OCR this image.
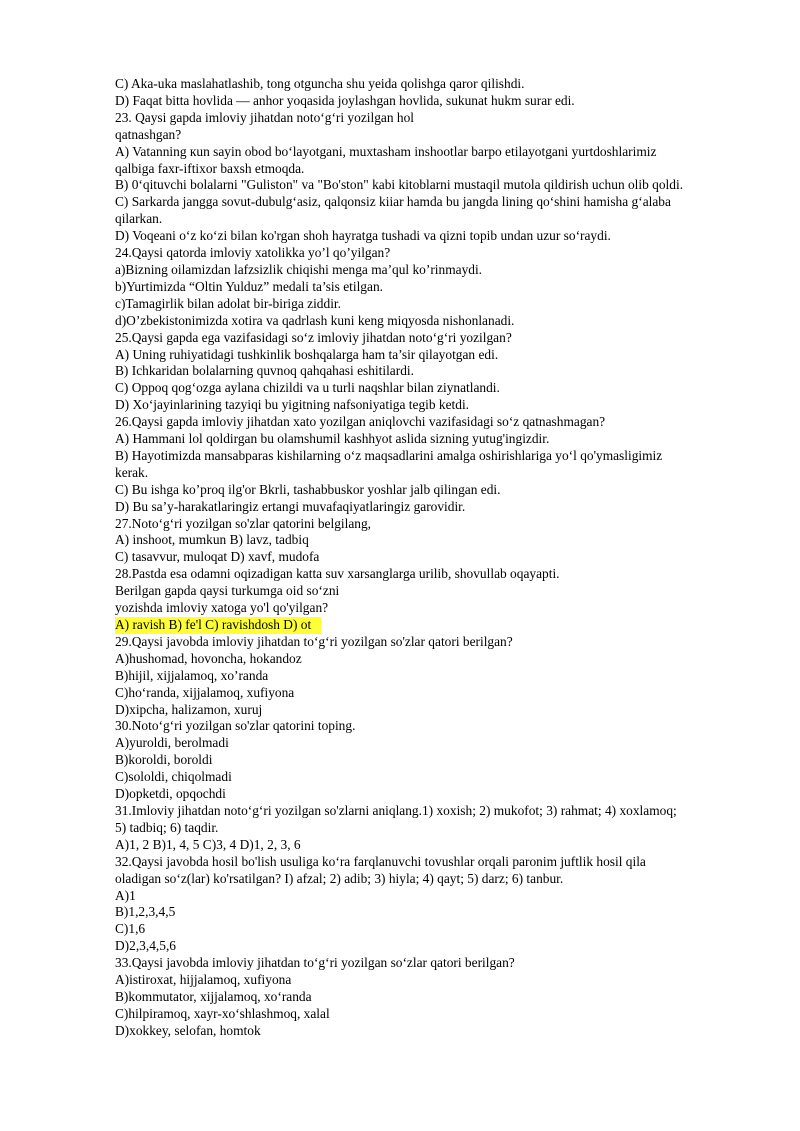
C) Aka-uka maslahatlashib, tong otguncha shu yeida qolishga qaror qilishdi.
D) Faqat bitta hovlida — anhor yoqasida joylashgan hovlida, sukunat hukm surar edi.
23. Qaysi gapda imloviy jihatdan noto‘g‘ri yozilgan hol
qatnashgan?
A) Vatanning кun sayin obod bo‘layotgani, muxtasham inshootlar barpo etilayotgani yurtdoshlarimiz
qalbiga faxr-iftixor baxsh etmoqda.
B) 0‘qituvchi bolalarni "Guliston" va "Bo'ston" kabi kitoblarni mustaqil mutola qildirish uchun olib qoldi.
C) Sarkarda jangga sovut-dubulg‘asiz, qalqonsiz kiiar hamda bu jangda lining qo‘shini hamisha g‘alaba
qilarkan.
D) Voqeani o‘z ko‘zi bilan ko'rgan shoh hayratga tushadi va qizni topib undan uzur so‘raydi.
24.Qaysi qatorda imloviy xatolikka yo’l qo’yilgan?
a)Bizning oilamizdan lafzsizlik chiqishi menga ma’qul ko’rinmaydi.
b)Yurtimizda “Oltin Yulduz” medali ta’sis etilgan.
c)Tamagirlik bilan adolat bir-biriga ziddir.
d)O’zbekistonimizda xotira va qadrlash kuni keng miqyosda nishonlanadi.
25.Qaysi gapda ega vazifasidagi so‘z imloviy jihatdan noto‘g‘ri yozilgan?
A) Uning ruhiyatidagi tushkinlik boshqalarga ham ta’sir qilayotgan edi.
B) Ichkaridan bolalarning quvnoq qahqahasi eshitilardi.
C) Oppoq qog‘ozga aylana chizildi va u turli naqshlar bilan ziynatlandi.
D) Xo‘jayinlarining tazyiqi bu yigitning nafsoniyatiga tegib ketdi.
26.Qaysi gapda imloviy jihatdan xato yozilgan aniqlovchi vazifasidagi so‘z qatnashmagan?
A) Hammani lol qoldirgan bu olamshumil kashhyot aslida sizning yutug'ingizdir.
B) Hayotimizda mansabparas kishilarning o‘z maqsadlarini amalga oshirishlariga yo‘l qo'ymasligimiz
kerak.
C) Bu ishga ko’proq ilg'or Bkrli, tashabbuskor yoshlar jalb qilingan edi.
D) Bu sa’y-harakatlaringiz ertangi muvafaqiyatlaringiz garovidir.
27.Noto‘g‘ri yozilgan so'zlar qatorini belgilang,
A) inshoot, mumkun B) lavz, tadbiq
C) tasavvur, muloqat D) xavf, mudofa
28.Pastda esa odamni oqizadigan katta suv xarsanglarga urilib, shovullab oqayapti.
Berilgan gapda qaysi turkumga oid so‘zni
yozishda imloviy xatoga yo'l qo'yilgan?
A) ravish B) fe'l C) ravishdosh D) ot
29.Qaysi javobda imloviy jihatdan to‘g‘ri yozilgan so'zlar qatori berilgan?
A)hushomad, hovoncha, hokandoz
B)hijil, xijjalamoq, xo’randa
C)ho‘randa, xijjalamoq, xufiyona
D)xipcha, halizamon, xuruj
30.Noto‘g‘ri yozilgan so'zlar qatorini toping.
A)yuroldi, berolmadi
B)koroldi, boroldi
C)sololdi, chiqolmadi
D)opketdi, opqochdi
31.Imloviy jihatdan noto‘g‘ri yozilgan so'zlarni aniqlang.1) xoxish; 2) mukofot; 3) rahmat; 4) xoxlamoq;
5) tadbiq; 6) taqdir.
A)1, 2 B)1, 4, 5 C)3, 4 D)1, 2, 3, 6
32.Qaysi javobda hosil bo'lish usuliga ko‘ra farqlanuvchi tovushlar orqali paronim juftlik hosil qila
oladigan so‘z(lar) ko'rsatilgan? I) afzal; 2) adib; 3) hiyla; 4) qayt; 5) darz; 6) tanbur.
A)1
B)1,2,3,4,5
C)1,6
D)2,3,4,5,6
33.Qaysi javobda imloviy jihatdan to‘g‘ri yozilgan so‘zlar qatori berilgan?
A)istiroxat, hijjalamoq, xufiyona
B)kommutator, xijjalamoq, xo‘randa
C)hilpiramoq, xayr-xo‘shlashmoq, xalal
D)xokkey, selofan, homtok
